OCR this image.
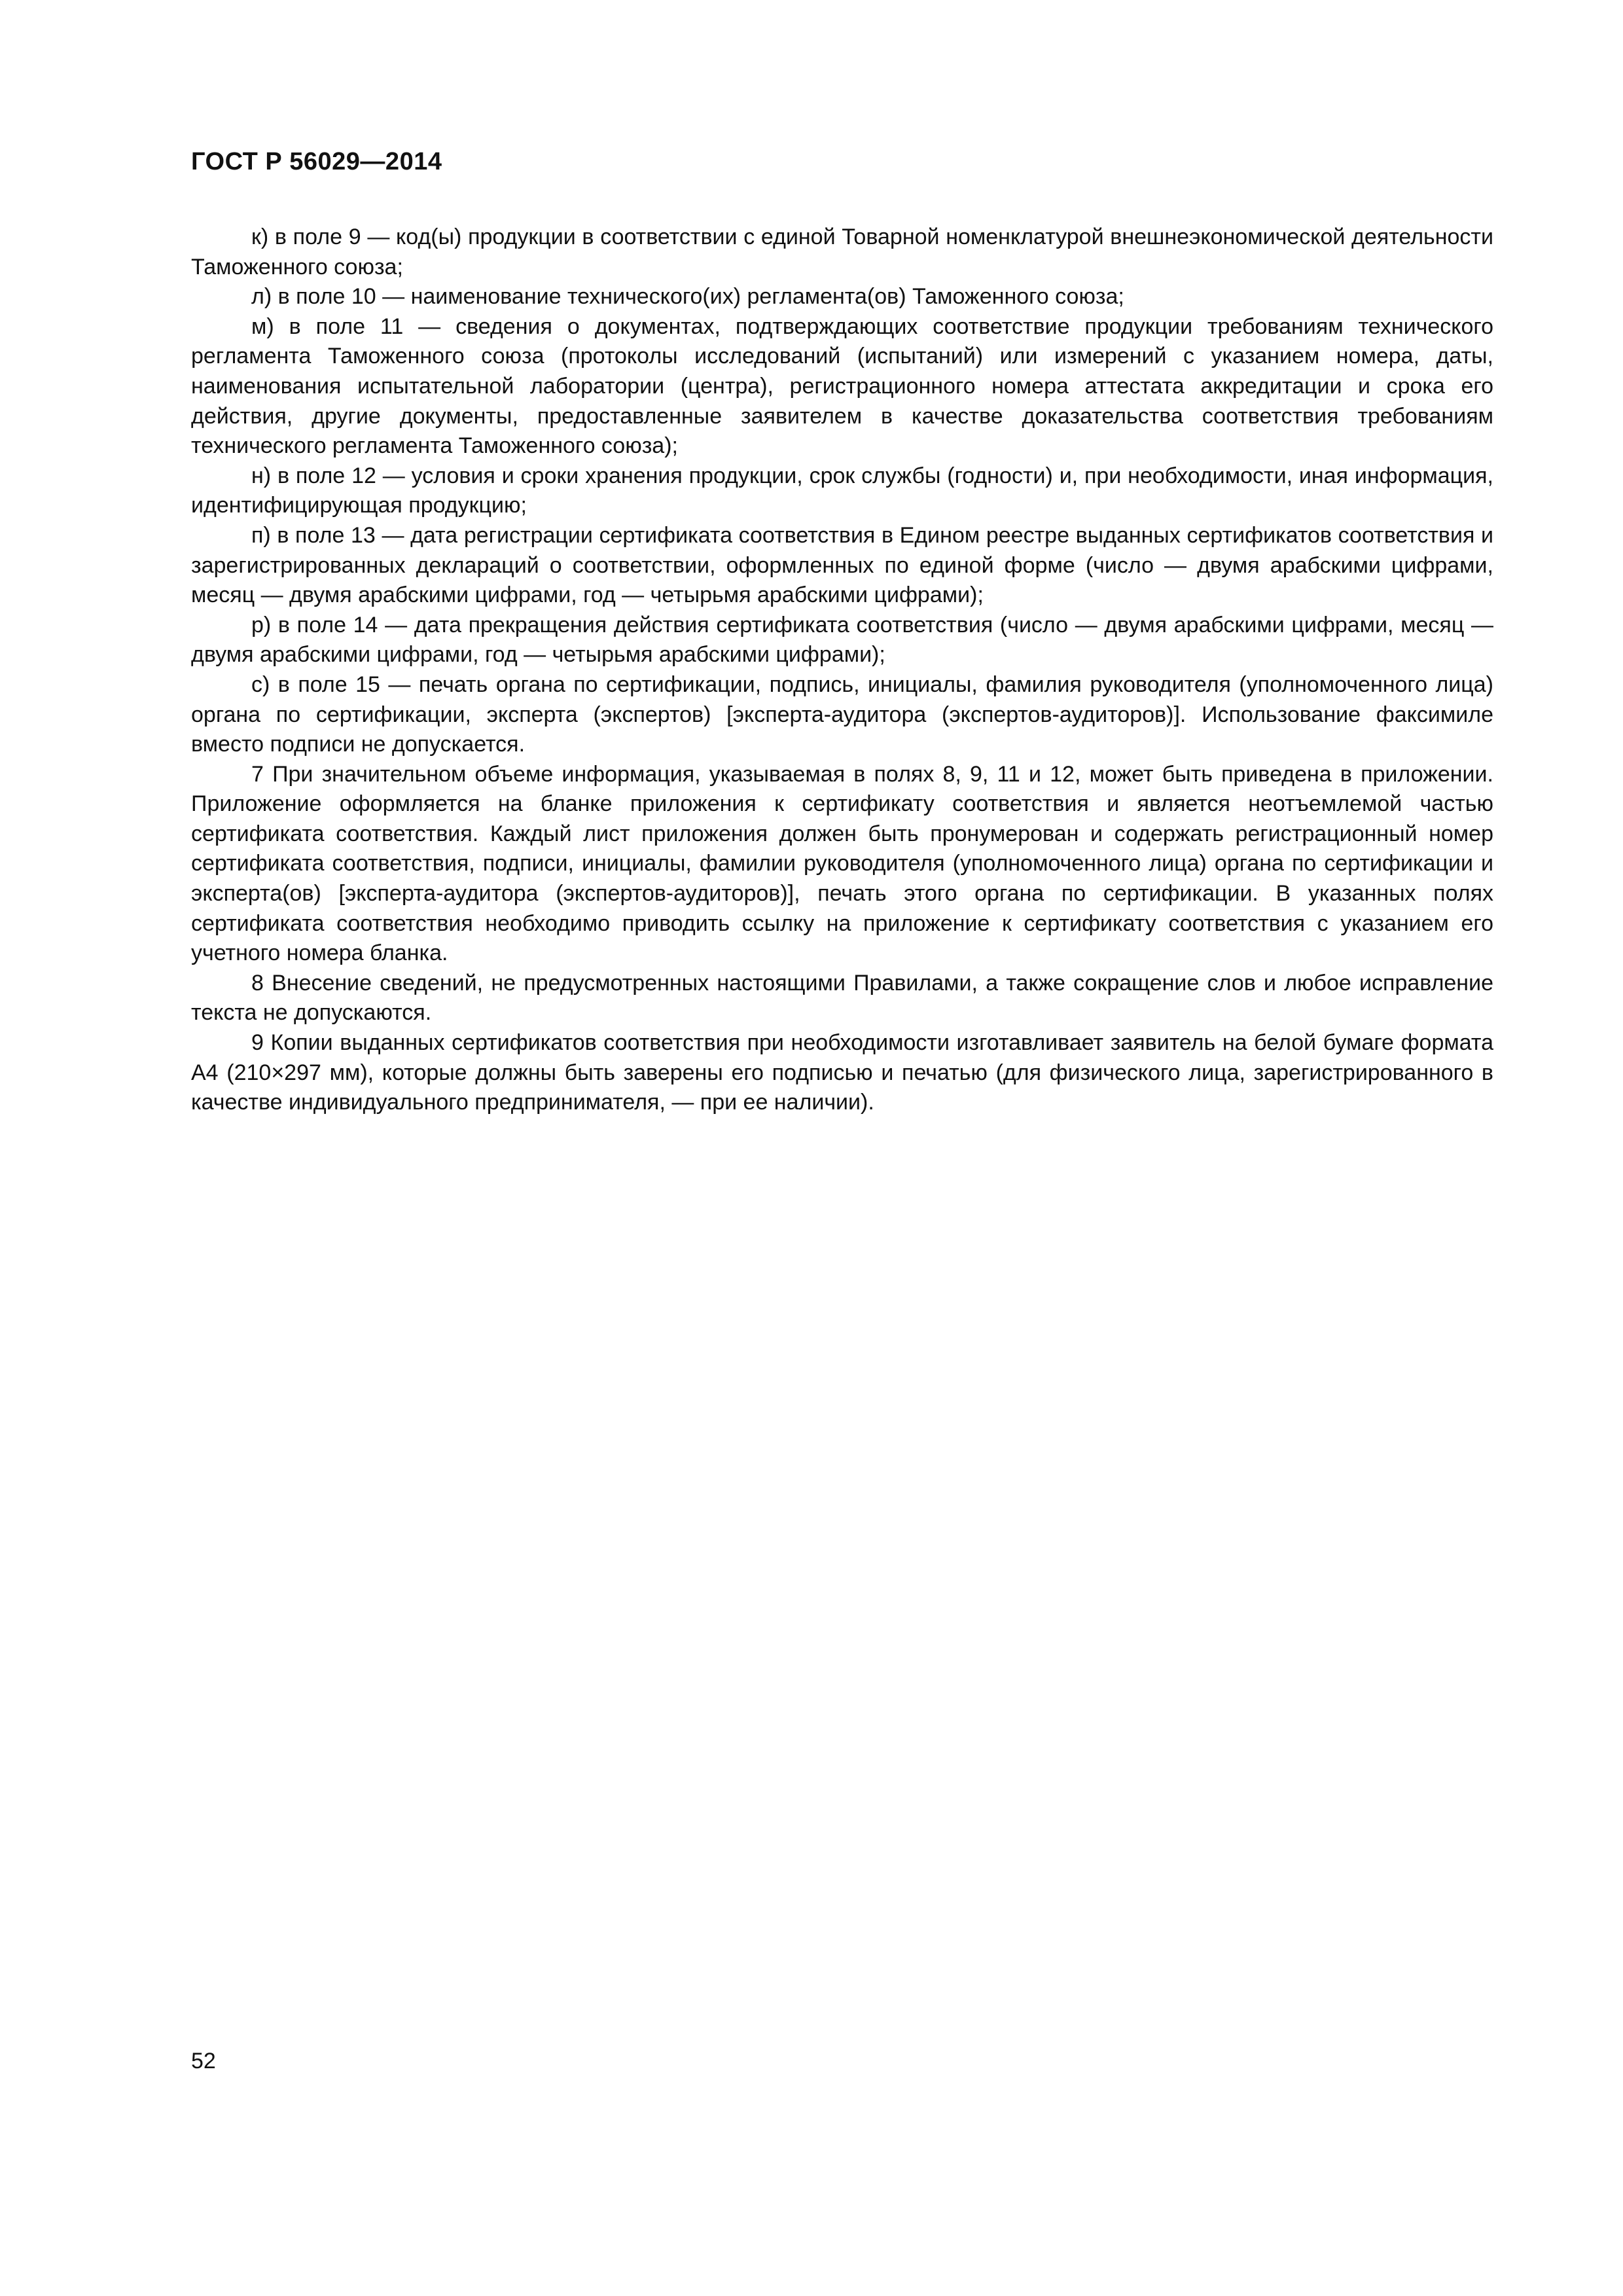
ГОСТ Р 56029—2014

к) в поле 9 — код(ы) продукции в соответствии с единой Товарной номенклатурой внешнеэкономической деятельности Таможенного союза;

л) в поле 10 — наименование технического(их) регламента(ов) Таможенного союза;

м) в поле 11 — сведения о документах, подтверждающих соответствие продукции требованиям технического регламента Таможенного союза (протоколы исследований (испытаний) или измерений с указанием номера, даты, наименования испытательной лаборатории (центра), регистрационного номера аттестата аккредитации и срока его действия, другие документы, предоставленные заявителем в качестве доказательства соответствия требованиям технического регламента Таможенного союза);

н) в поле 12 — условия и сроки хранения продукции, срок службы (годности) и, при необходимости, иная информация, идентифицирующая продукцию;

п) в поле 13 — дата регистрации сертификата соответствия в Едином реестре выданных сертификатов соответствия и зарегистрированных деклараций о соответствии, оформленных по единой форме (число — двумя арабскими цифрами, месяц — двумя арабскими цифрами, год — четырьмя арабскими цифрами);

р) в поле 14 — дата прекращения действия сертификата соответствия (число — двумя арабскими цифрами, месяц — двумя арабскими цифрами, год — четырьмя арабскими цифрами);

с) в поле 15 — печать органа по сертификации, подпись, инициалы, фамилия руководителя (уполномоченного лица) органа по сертификации, эксперта (экспертов) [эксперта-аудитора (экспертов-аудиторов)]. Использование факсимиле вместо подписи не допускается.

7 При значительном объеме информация, указываемая в полях 8, 9, 11 и 12, может быть приведена в приложении. Приложение оформляется на бланке приложения к сертификату соответствия и является неотъемлемой частью сертификата соответствия. Каждый лист приложения должен быть пронумерован и содержать регистрационный номер сертификата соответствия, подписи, инициалы, фамилии руководителя (уполномоченного лица) органа по сертификации и эксперта(ов) [эксперта-аудитора (экспертов-аудиторов)], печать этого органа по сертификации. В указанных полях сертификата соответствия необходимо приводить ссылку на приложение к сертификату соответствия с указанием его учетного номера бланка.

8 Внесение сведений, не предусмотренных настоящими Правилами, а также сокращение слов и любое исправление текста не допускаются.

9 Копии выданных сертификатов соответствия при необходимости изготавливает заявитель на белой бумаге формата А4 (210×297 мм), которые должны быть заверены его подписью и печатью (для физического лица, зарегистрированного в качестве индивидуального предпринимателя, — при ее наличии).

52
